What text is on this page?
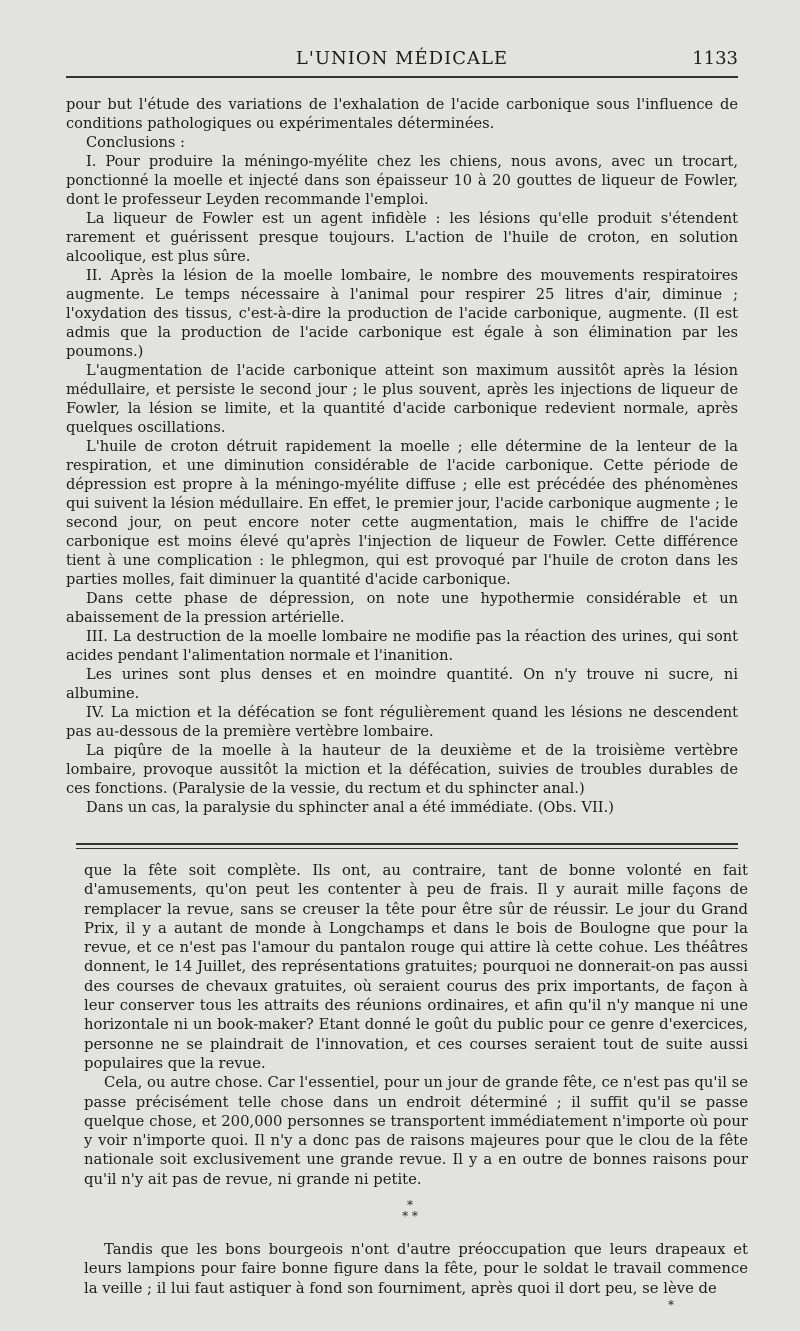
L'UNION MÉDICALE	1133

pour but l'étude des variations de l'exhalation de l'acide carbonique sous l'influence de conditions pathologiques ou expérimentales déterminées.

Conclusions :

I. Pour produire la méningo-myélite chez les chiens, nous avons, avec un trocart, ponctionné la moelle et injecté dans son épaisseur 10 à 20 gouttes de liqueur de Fowler, dont le professeur Leyden recommande l'emploi.

La liqueur de Fowler est un agent infidèle : les lésions qu'elle produit s'étendent rarement et guérissent presque toujours. L'action de l'huile de croton, en solution alcoolique, est plus sûre.

II. Après la lésion de la moelle lombaire, le nombre des mouvements respiratoires augmente. Le temps nécessaire à l'animal pour respirer 25 litres d'air, diminue ; l'oxydation des tissus, c'est-à-dire la production de l'acide carbonique, augmente. (Il est admis que la production de l'acide carbonique est égale à son élimination par les poumons.)

L'augmentation de l'acide carbonique atteint son maximum aussitôt après la lésion médullaire, et persiste le second jour ; le plus souvent, après les injections de liqueur de Fowler, la lésion se limite, et la quantité d'acide carbonique redevient normale, après quelques oscillations.

L'huile de croton détruit rapidement la moelle ; elle détermine de la lenteur de la respiration, et une diminution considérable de l'acide carbonique. Cette période de dépression est propre à la méningo-myélite diffuse ; elle est précédée des phénomènes qui suivent la lésion médullaire. En effet, le premier jour, l'acide carbonique augmente ; le second jour, on peut encore noter cette augmentation, mais le chiffre de l'acide carbonique est moins élevé qu'après l'injection de liqueur de Fowler. Cette différence tient à une complication : le phlegmon, qui est provoqué par l'huile de croton dans les parties molles, fait diminuer la quantité d'acide carbonique.

Dans cette phase de dépression, on note une hypothermie considérable et un abaissement de la pression artérielle.

III. La destruction de la moelle lombaire ne modifie pas la réaction des urines, qui sont acides pendant l'alimentation normale et l'inanition.

Les urines sont plus denses et en moindre quantité. On n'y trouve ni sucre, ni albumine.

IV. La miction et la défécation se font régulièrement quand les lésions ne descendent pas au-dessous de la première vertèbre lombaire.

La piqûre de la moelle à la hauteur de la deuxième et de la troisième vertèbre lombaire, provoque aussitôt la miction et la défécation, suivies de troubles durables de ces fonctions. (Paralysie de la vessie, du rectum et du sphincter anal.)

Dans un cas, la paralysie du sphincter anal a été immédiate. (Obs. VII.)

que la fête soit complète. Ils ont, au contraire, tant de bonne volonté en fait d'amusements, qu'on peut les contenter à peu de frais. Il y aurait mille façons de remplacer la revue, sans se creuser la tête pour être sûr de réussir. Le jour du Grand Prix, il y a autant de monde à Longchamps et dans le bois de Boulogne que pour la revue, et ce n'est pas l'amour du pantalon rouge qui attire là cette cohue. Les théâtres donnent, le 14 Juillet, des représentations gratuites; pourquoi ne donnerait-on pas aussi des courses de chevaux gratuites, où seraient courus des prix importants, de façon à leur conserver tous les attraits des réunions ordinaires, et afin qu'il n'y manque ni une horizontale ni un book-maker? Etant donné le goût du public pour ce genre d'exercices, personne ne se plaindrait de l'innovation, et ces courses seraient tout de suite aussi populaires que la revue.

Cela, ou autre chose. Car l'essentiel, pour un jour de grande fête, ce n'est pas qu'il se passe précisément telle chose dans un endroit déterminé ; il suffit qu'il se passe quelque chose, et 200,000 personnes se transportent immédiatement n'importe où pour y voir n'importe quoi. Il n'y a donc pas de raisons majeures pour que le clou de la fête nationale soit exclusivement une grande revue. Il y a en outre de bonnes raisons pour qu'il n'y ait pas de revue, ni grande ni petite.

*
* *

Tandis que les bons bourgeois n'ont d'autre préoccupation que leurs drapeaux et leurs lampions pour faire bonne figure dans la fête, pour le soldat le travail commence la veille ; il lui faut astiquer à fond son fourniment, après quoi il dort peu, se lève de

*
